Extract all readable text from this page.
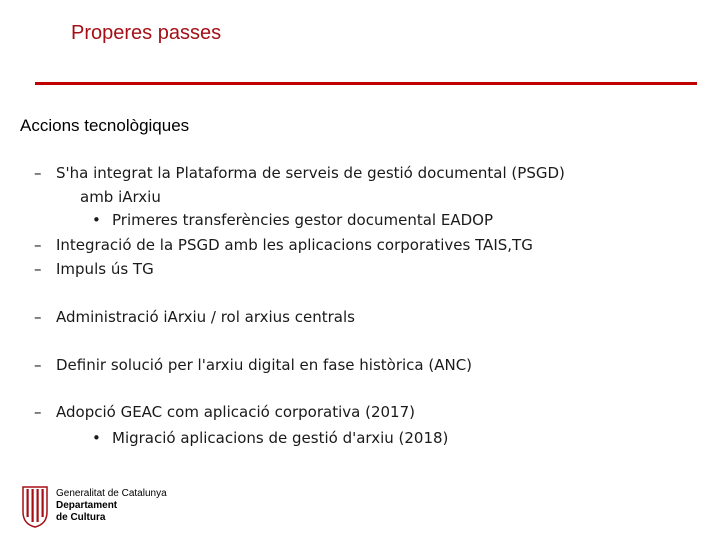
Properes passes
Accions tecnològiques
– S'ha integrat la Plataforma de serveis de gestió documental (PSGD)
amb iArxiu
• Primeres transferències gestor documental EADOP
– Integració de la PSGD amb les aplicacions corporatives TAIS,TG
– Impuls ús TG
– Administració iArxiu / rol arxius centrals
– Definir solució per l'arxiu digital en fase històrica (ANC)
– Adopció GEAC com aplicació corporativa (2017)
• Migració aplicacions de gestió d'arxiu (2018)
Generalitat de Catalunya
Departament
de Cultura
